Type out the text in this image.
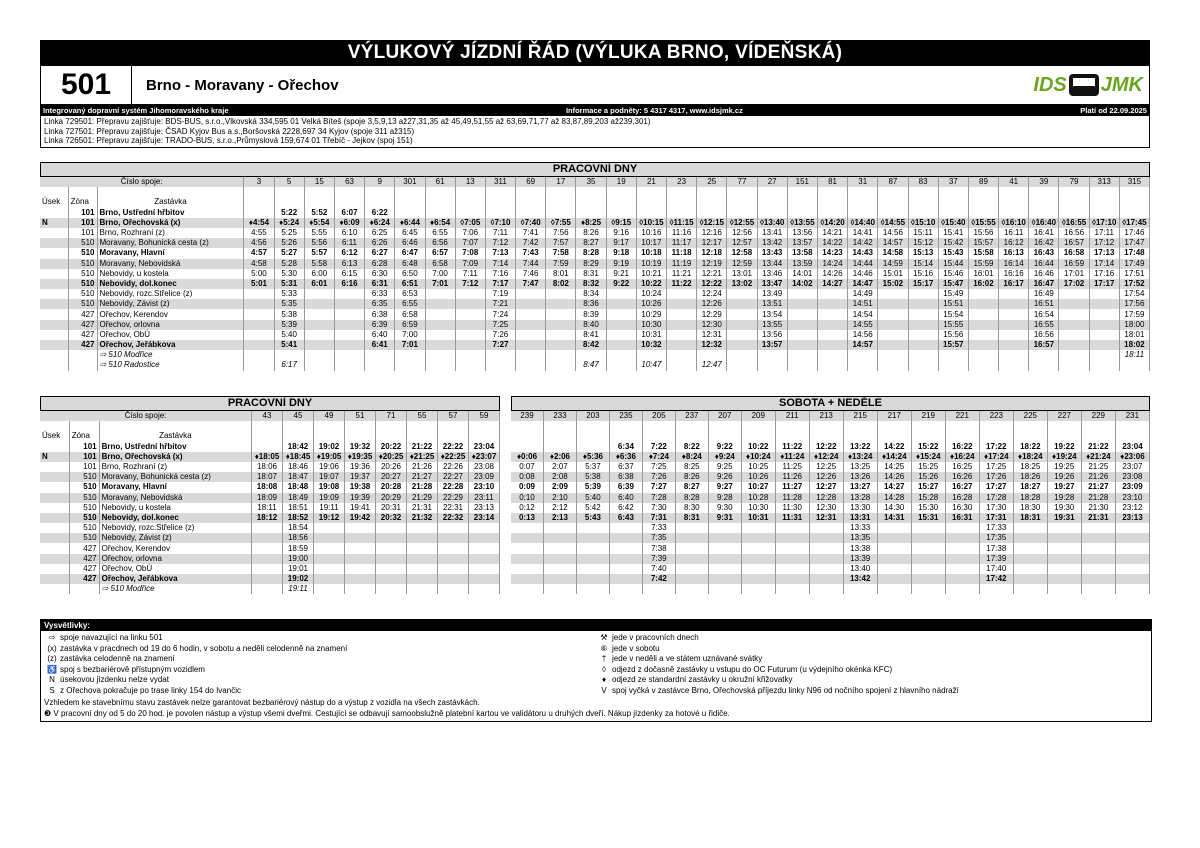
VÝLUKOVÝ JÍZDNÍ ŘÁD (VÝLUKA BRNO, VÍDEŇSKÁ)
501	Brno - Moravany - Ořechov	IDS JMK
Integrovaný dopravní systém Jihomoravského kraje	Informace a podněty: 5 4317 4317, www.idsjmk.cz	Platí od 22.09.2025
Linka 729501: Přepravu zajišťuje: BDS-BUS, s.r.o.,Vlkovská 334,595 01 Velká Bíteš (spoje 3,5,9,13 až27,31,35 až 45,49,51,55 až 63,69,71,77 až 83,87,89,203 až239,301)
Linka 727501: Přepravu zajišťuje: ČSAD Kyjov Bus a.s.,Boršovská 2228,697 34 Kyjov (spoje 311 až315)
Linka 726501: Přepravu zajišťuje: TRADO-BUS, s.r.o.,Průmyslová 159,674 01 Třebíč - Jejkov (spoj 151)
PRACOVNÍ DNY
Číslo spoje:			3	5	15	63	9	301	61	13	311	69	17	35	19	21	23	25	77	27	151	81	31	87	83	37	89	41	39	79	313	315

Úsek	Zóna	Zastávka																														
	101	Brno, Ustřední hřbitov		5:22	5:52	6:07	6:22																									
N	101	Brno, Ořechovská (x)	♦4:54	♦5:24	♦5:54	♦6:09	♦6:24	♦6:44	♦6:54	◊7:05	◊7:10	◊7:40	◊7:55	♦8:25	◊9:15	◊10:15	◊11:15	◊12:15	◊12:55	◊13:40	◊13:55	◊14:20	◊14:40	◊14:55	◊15:10	◊15:40	◊15:55	◊16:10	◊16:40	◊16:55	◊17:10	◊17:45
	101	Brno, Rozhraní (z)	4:55	5:25	5:55	6:10	6:25	6:45	6:55	7:06	7:11	7:41	7:56	8:26	9:16	10:16	11:16	12:16	12:56	13:41	13:56	14:21	14:41	14:56	15:11	15:41	15:56	16:11	16:41	16:56	17:11	17:46
	510	Moravany, Bohunická cesta (z)	4:56	5:26	5:56	6:11	6:26	6:46	6:56	7:07	7:12	7:42	7:57	8:27	9:17	10:17	11:17	12:17	12:57	13:42	13:57	14:22	14:42	14:57	15:12	15:42	15:57	16:12	16:42	16:57	17:12	17:47
	510	Moravany, Hlavní	4:57	5:27	5:57	6:12	6:27	6:47	6:57	7:08	7:13	7:43	7:58	8:28	9:18	10:18	11:18	12:18	12:58	13:43	13:58	14:23	14:43	14:58	15:13	15:43	15:58	16:13	16:43	16:58	17:13	17:48
	510	Moravany, Nebovidská	4:58	5:28	5:58	6:13	6:28	6:48	6:58	7:09	7:14	7:44	7:59	8:29	9:19	10:19	11:19	12:19	12:59	13:44	13:59	14:24	14:44	14:59	15:14	15:44	15:59	16:14	16:44	16:59	17:14	17:49
	510	Nebovidy, u kostela	5:00	5:30	6:00	6:15	6:30	6:50	7:00	7:11	7:16	7:46	8:01	8:31	9:21	10:21	11:21	12:21	13:01	13:46	14:01	14:26	14:46	15:01	15:16	15:46	16:01	16:16	16:46	17:01	17:16	17:51
	510	Nebovidy, dol.konec	5:01	5:31	6:01	6:16	6:31	6:51	7:01	7:12	7:17	7:47	8:02	8:32	9:22	10:22	11:22	12:22	13:02	13:47	14:02	14:27	14:47	15:02	15:17	15:47	16:02	16:17	16:47	17:02	17:17	17:52
	510	Nebovidy, rozc.Střelice (z)		5:33			6:33	6:53			7:19			8:34		10:24		12:24		13:49			14:49			15:49			16:49			17:54
	510	Nebovidy, Závist (z)		5:35			6:35	6:55			7:21			8:36		10:26		12:26		13:51			14:51			15:51			16:51			17:56
	427	Ořechov, Kerendov		5:38			6:38	6:58			7:24			8:39		10:29		12:29		13:54			14:54			15:54			16:54			17:59
	427	Ořechov, orlovna		5:39			6:39	6:59			7:25			8:40		10:30		12:30		13:55			14:55			15:55			16:55			18:00
	427	Ořechov, ObÚ		5:40			6:40	7:00			7:26			8:41		10:31		12:31		13:56			14:56			15:56			16:56			18:01
	427	Ořechov, Jeřábkova		5:41			6:41	7:01			7:27			8:42		10:32		12:32		13:57			14:57			15:57			16:57			18:02
		⇨ 510 Modřice																														18:11
		⇨ 510 Radostice		6:17										8:47		10:47		12:47														
PRACOVNÍ DNY
Číslo spoje:			43	45	49	51	71	55	57	59

Úsek	Zóna	Zastávka								
	101	Brno, Ustřední hřbitov		18:42	19:02	19:32	20:22	21:22	22:22	23:04
N	101	Brno, Ořechovská (x)	♦18:05	♦18:45	♦19:05	♦19:35	♦20:25	♦21:25	♦22:25	♦23:07
	101	Brno, Rozhraní (z)	18:06	18:46	19:06	19:36	20:26	21:26	22:26	23:08
	510	Moravany, Bohunická cesta (z)	18:07	18:47	19:07	19:37	20:27	21:27	22:27	23:09
	510	Moravany, Hlavní	18:08	18:48	19:08	19:38	20:28	21:28	22:28	23:10
	510	Moravany, Nebovidská	18:09	18:49	19:09	19:39	20:29	21:29	22:29	23:11
	510	Nebovidy, u kostela	18:11	18:51	19:11	19:41	20:31	21:31	22:31	23:13
	510	Nebovidy, dol.konec	18:12	18:52	19:12	19:42	20:32	21:32	22:32	23:14
	510	Nebovidy, rozc.Střelice (z)		18:54						
	510	Nebovidy, Závist (z)		18:56						
	427	Ořechov, Kerendov		18:59						
	427	Ořechov, orlovna		19:00						
	427	Ořechov, ObÚ		19:01						
	427	Ořechov, Jeřábkova		19:02						
		⇨ 510 Modřice		19:11						
SOBOTA + NEDĚLE
239	233	203	235	205	237	207	209	211	213	215	217	219	221	223	225	227	229	231

			6:34	7:22	8:22	9:22	10:22	11:22	12:22	13:22	14:22	15:22	16:22	17:22	18:22	19:22	21:22	23:04
♦0:06	♦2:06	♦5:36	♦6:36	♦7:24	♦8:24	♦9:24	♦10:24	♦11:24	♦12:24	♦13:24	♦14:24	♦15:24	♦16:24	♦17:24	♦18:24	♦19:24	♦21:24	♦23:06
0:07	2:07	5:37	6:37	7:25	8:25	9:25	10:25	11:25	12:25	13:25	14:25	15:25	16:25	17:25	18:25	19:25	21:25	23:07
0:08	2:08	5:38	6:38	7:26	8:26	9:26	10:26	11:26	12:26	13:26	14:26	15:26	16:26	17:26	18:26	19:26	21:26	23:08
0:09	2:09	5:39	6:39	7:27	8:27	9:27	10:27	11:27	12:27	13:27	14:27	15:27	16:27	17:27	18:27	19:27	21:27	23:09
0:10	2:10	5:40	6:40	7:28	8:28	9:28	10:28	11:28	12:28	13:28	14:28	15:28	16:28	17:28	18:28	19:28	21:28	23:10
0:12	2:12	5:42	6:42	7:30	8:30	9:30	10:30	11:30	12:30	13:30	14:30	15:30	16:30	17:30	18:30	19:30	21:30	23:12
0:13	2:13	5:43	6:43	7:31	8:31	9:31	10:31	11:31	12:31	13:31	14:31	15:31	16:31	17:31	18:31	19:31	21:31	23:13
				7:33						13:33				17:33				
				7:35						13:35				17:35				
				7:38						13:38				17:38				
				7:39						13:39				17:39				
				7:40						13:40				17:40				
				7:42						13:42				17:42				

Vysvětlivky:
⇨ spoje navazující na linku 501
(x) zastávka v pracdnech od 19 do 6 hodin, v sobotu a neděli celodenně na znamení
(z) zastávka celodenně na znamení
♿ spoj s bezbariérově přístupným vozidlem
N úsekovou jízdenku nelze vydat
S z Ořechova pokračuje po trase linky 154 do Ivančic
⚒ jede v pracovních dnech
⑥ jede v sobotu
† jede v neděli a ve státem uznávané svátky
◊ odjezd z dočasně zastávky u vstupu do OC Futurum (u výdejního okénka KFC)
♦ odjezd ze standardní zastávky u okružní křižovatky
V spoj vyčká v zastávce Brno, Ořechovská příjezdu linky N96 od nočního spojení z hlavního nádraží
Vzhledem ke stavebnímu stavu zastávek nelze garantovat bezbariérový nástup do a výstup z vozidla na všech zastávkách.
❸ V pracovní dny od 5 do 20 hod. je povolen nástup a výstup všemi dveřmi. Cestující se odbavují samoobslužně platební kartou ve validátoru u druhých dveří. Nákup jízdenky za hotové u řidiče.
